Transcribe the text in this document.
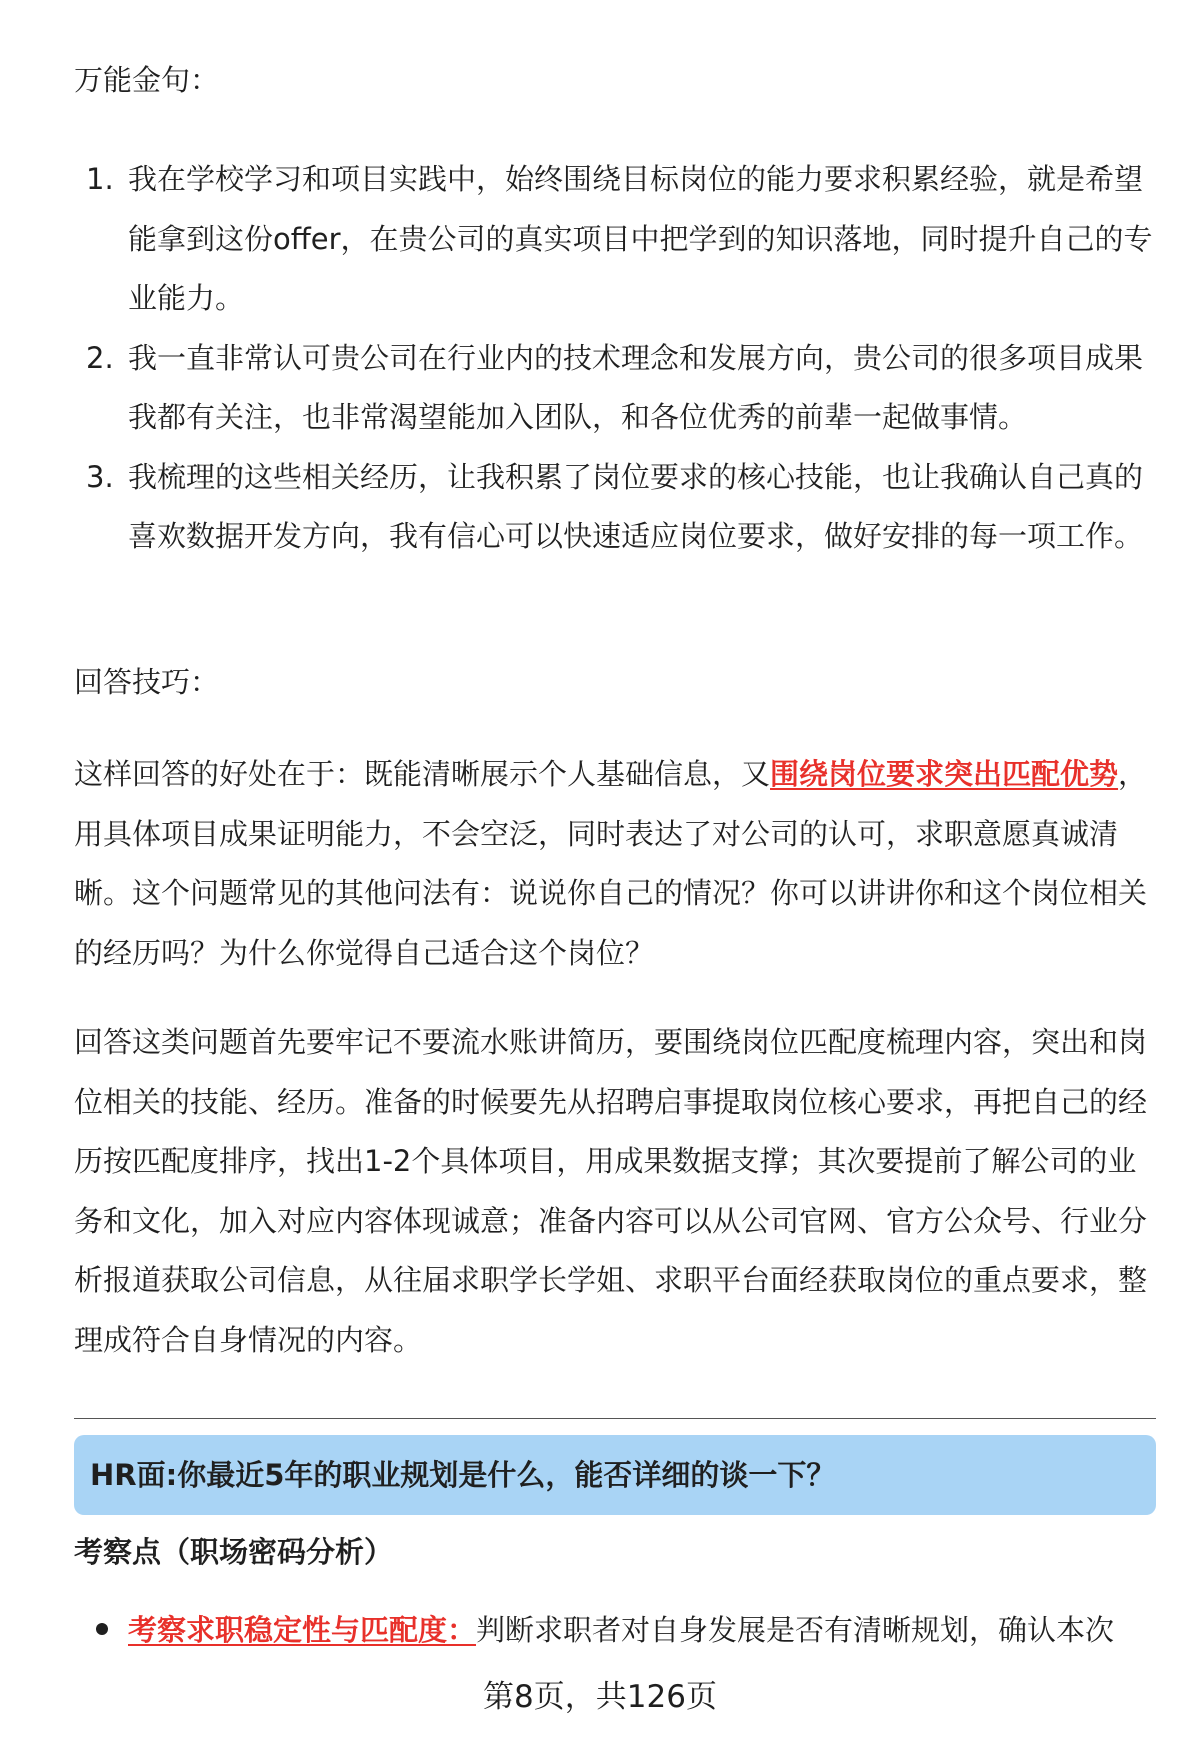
万能金句：

1. 我在学校学习和项目实践中，始终围绕目标岗位的能力要求积累经验，就是希望能拿到这份offer，在贵公司的真实项目中把学到的知识落地，同时提升自己的专业能力。
2. 我一直非常认可贵公司在行业内的技术理念和发展方向，贵公司的很多项目成果我都有关注，也非常渴望能加入团队，和各位优秀的前辈一起做事情。
3. 我梳理的这些相关经历，让我积累了岗位要求的核心技能，也让我确认自己真的喜欢数据开发方向，我有信心可以快速适应岗位要求，做好安排的每一项工作。

回答技巧：

这样回答的好处在于：既能清晰展示个人基础信息，又围绕岗位要求突出匹配优势，用具体项目成果证明能力，不会空泛，同时表达了对公司的认可，求职意愿真诚清晰。这个问题常见的其他问法有：说说你自己的情况？你可以讲讲你和这个岗位相关的经历吗？为什么你觉得自己适合这个岗位？

回答这类问题首先要牢记不要流水账讲简历，要围绕岗位匹配度梳理内容，突出和岗位相关的技能、经历。准备的时候要先从招聘启事提取岗位核心要求，再把自己的经历按匹配度排序，找出1-2个具体项目，用成果数据支撑；其次要提前了解公司的业务和文化，加入对应内容体现诚意；准备内容可以从公司官网、官方公众号、行业分析报道获取公司信息，从往届求职学长学姐、求职平台面经获取岗位的重点要求，整理成符合自身情况的内容。

HR面:你最近5年的职业规划是什么，能否详细的谈一下？
考察点（职场密码分析）
考察求职稳定性与匹配度：判断求职者对自身发展是否有清晰规划，确认本次
第8页，共126页
